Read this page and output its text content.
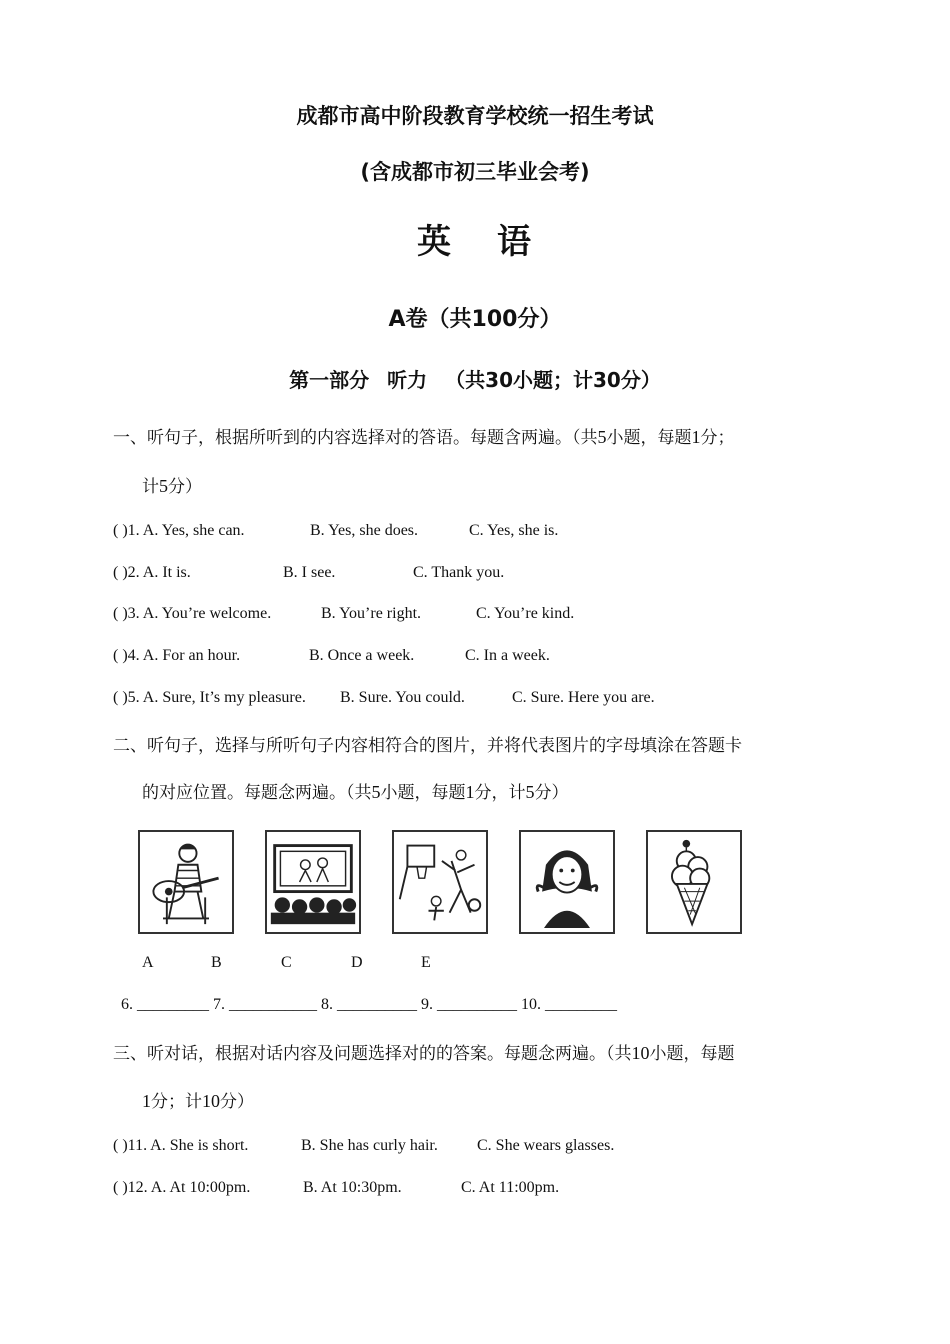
成都市高中阶段教育学校统一招生考试
(含成都市初三毕业会考)
英 语
A卷（共100分）
第一部分 听力 （共30小题；计30分）
一、听句子，根据所听到的内容选择对的答语。每题含两遍。（共5小题，每题1分；
计5分）
( )1. A. Yes, she can.	B. Yes, she does.	C. Yes, she is.
( )2. A. It is.	B. I see.	C. Thank you.
( )3. A. You’re welcome.	B. You’re right.	C. You’re kind.
( )4. A. For an hour.	B. Once a week.	C. In a week.
( )5. A. Sure, It’s my pleasure. B. Sure. You could.	C. Sure. Here you are.
二、听句子，选择与所听句子内容相符合的图片，并将代表图片的字母填涂在答题卡
的对应位置。每题念两遍。（共5小题，每题1分，计5分）
A	B	C	D	E
6. _________ 7. ___________ 8. __________ 9. __________ 10. _________
三、听对话，根据对话内容及问题选择对的的答案。每题念两遍。（共10小题，每题
1分；计10分）
( )11. A. She is short.	B. She has curly hair. C. She wears glasses.
( )12. A. At 10:00pm.	B. At 10:30pm.	C. At 11:00pm.
